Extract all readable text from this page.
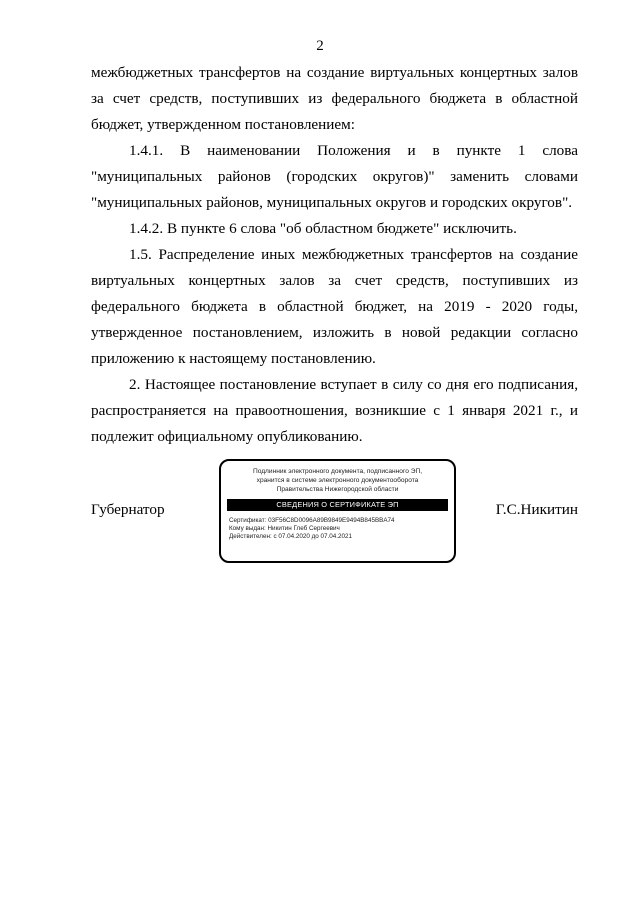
2

межбюджетных трансфертов на создание виртуальных концертных залов за счет средств, поступивших из федерального бюджета в областной бюджет, утвержденном постановлением:

1.4.1. В наименовании Положения и в пункте 1 слова "муниципальных районов (городских округов)" заменить словами "муниципальных районов, муниципальных округов и городских округов".

1.4.2. В пункте 6 слова "об областном бюджете" исключить.

1.5. Распределение иных межбюджетных трансфертов на создание виртуальных концертных залов за счет средств, поступивших из федерального бюджета в областной бюджет, на 2019 - 2020 годы, утвержденное постановлением, изложить в новой редакции согласно приложению к настоящему постановлению.

2. Настоящее постановление вступает в силу со дня его подписания, распространяется на правоотношения, возникшие с 1 января 2021 г., и подлежит официальному опубликованию.

Губернатор
Подлинник электронного документа, подписанного ЭП,
хранится в системе электронного документооборота
Правительства Нижегородской области
СВЕДЕНИЯ О СЕРТИФИКАТЕ ЭП
Сертификат: 03F56C8D0096A89B9849E9494B845BBA74
Кому выдан: Никитин Глеб Сергеевич
Действителен: с 07.04.2020 до 07.04.2021
Г.С.Никитин
